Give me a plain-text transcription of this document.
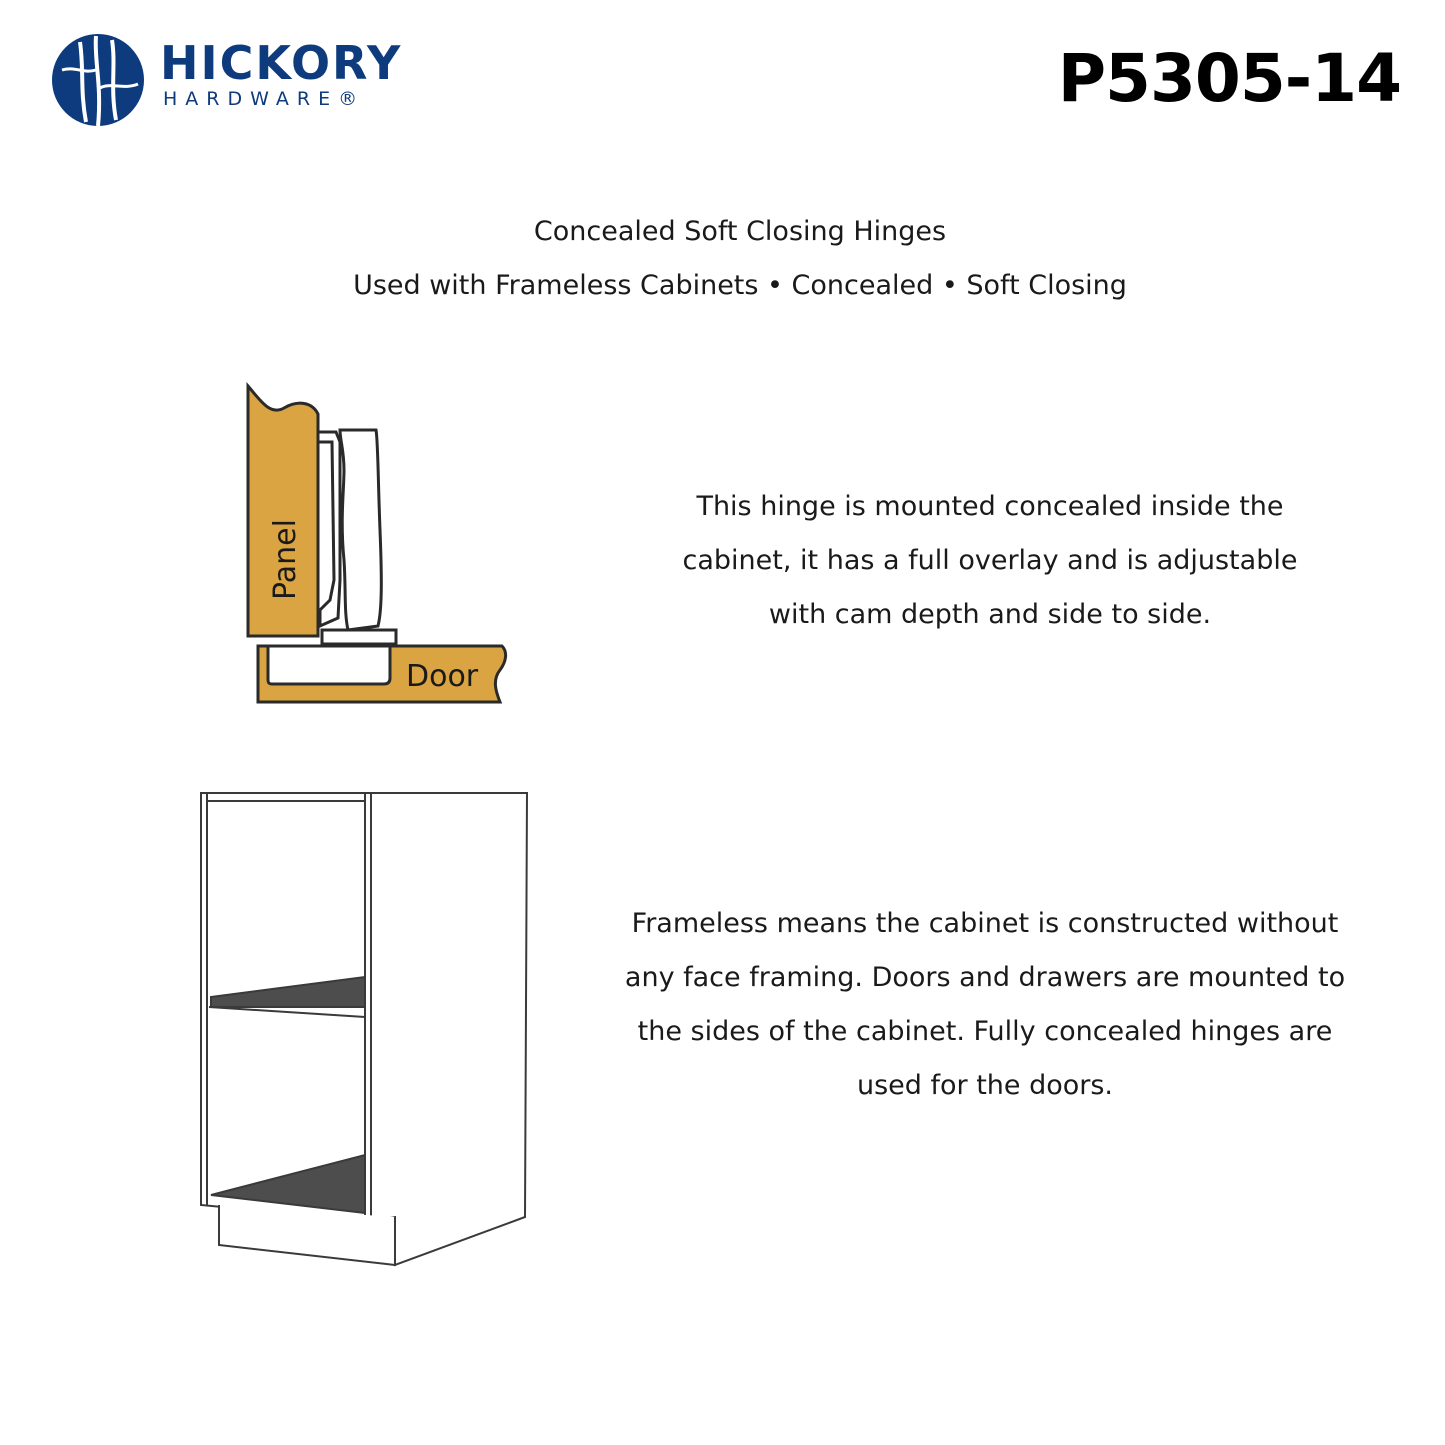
HICKORY
HARDWARE®	P5305-14
Concealed Soft Closing Hinges
Used with Frameless Cabinets • Concealed • Soft Closing
Panel
Door
This hinge is mounted concealed inside the
cabinet, it has a full overlay and is adjustable
with cam depth and side to side.
Frameless means the cabinet is constructed without
any face framing. Doors and drawers are mounted to
the sides of the cabinet. Fully concealed hinges are
used for the doors.
